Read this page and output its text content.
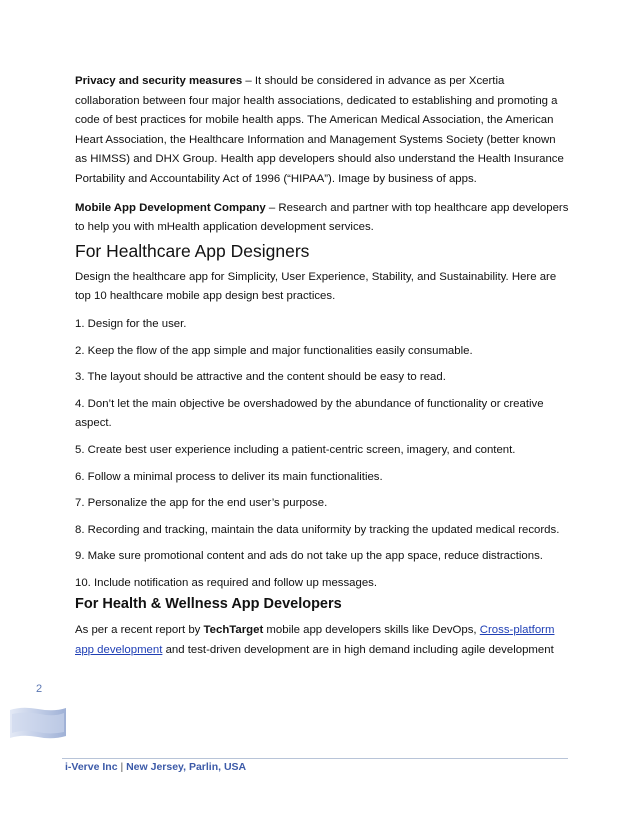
Privacy and security measures – It should be considered in advance as per Xcertia collaboration between four major health associations, dedicated to establishing and promoting a code of best practices for mobile health apps. The American Medical Association, the American Heart Association, the Healthcare Information and Management Systems Society (better known as HIMSS) and DHX Group. Health app developers should also understand the Health Insurance Portability and Accountability Act of 1996 (“HIPAA”). Image by business of apps.

Mobile App Development Company – Research and partner with top healthcare app developers to help you with mHealth application development services.

For Healthcare App Designers

Design the healthcare app for Simplicity, User Experience, Stability, and Sustainability. Here are top 10 healthcare mobile app design best practices.

1. Design for the user.

2. Keep the flow of the app simple and major functionalities easily consumable.

3. The layout should be attractive and the content should be easy to read.

4. Don’t let the main objective be overshadowed by the abundance of functionality or creative aspect.

5. Create best user experience including a patient-centric screen, imagery, and content.

6. Follow a minimal process to deliver its main functionalities.

7. Personalize the app for the end user’s purpose.

8. Recording and tracking, maintain the data uniformity by tracking the updated medical records.

9. Make sure promotional content and ads do not take up the app space, reduce distractions.

10. Include notification as required and follow up messages.

For Health & Wellness App Developers

As per a recent report by TechTarget mobile app developers skills like DevOps, Cross-platform app development and test-driven development are in high demand including agile development

2
i-Verve Inc | New Jersey, Parlin, USA
